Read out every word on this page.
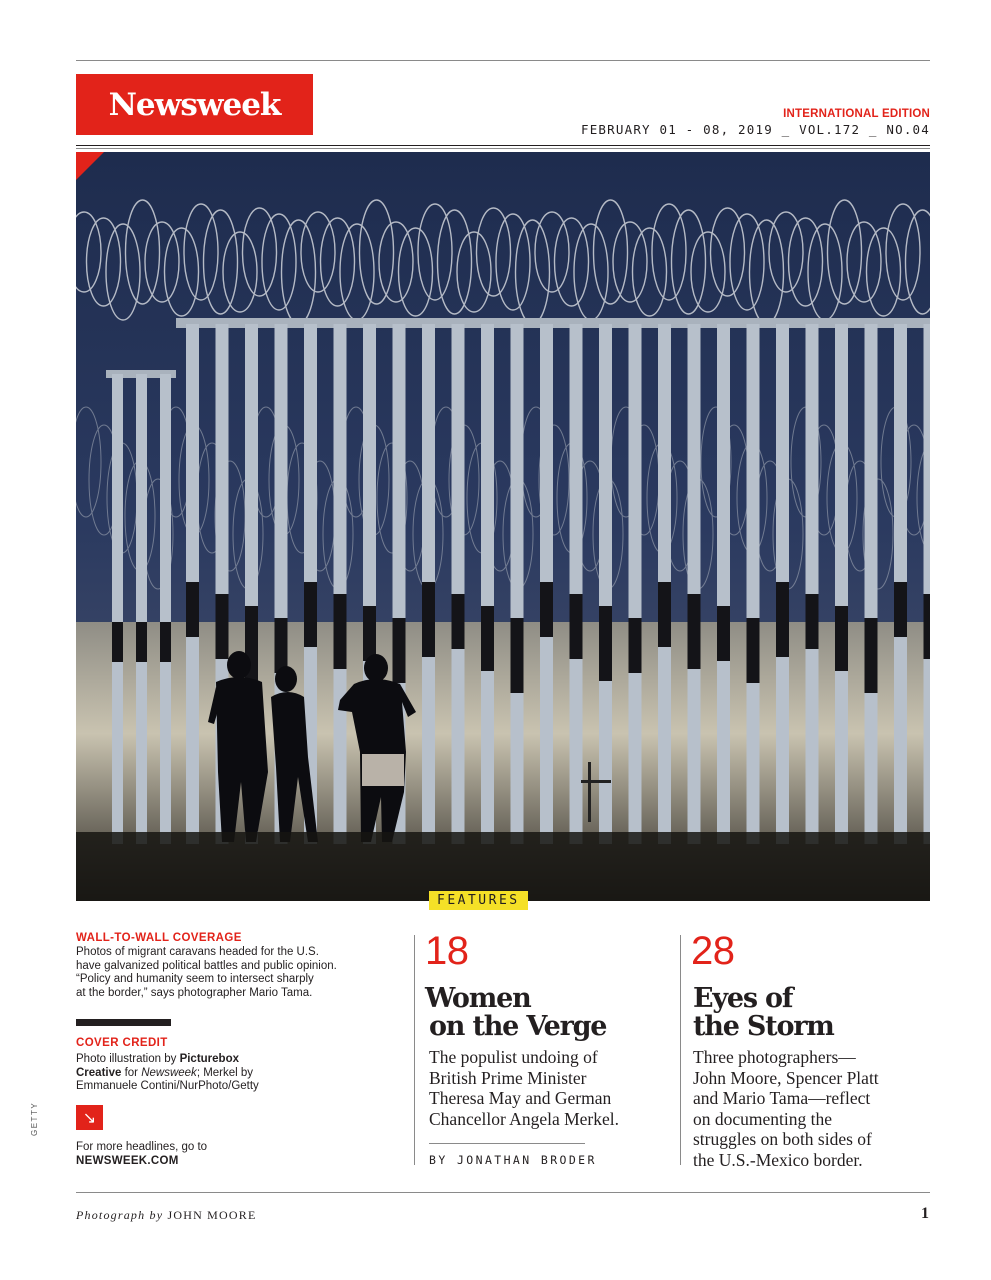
Newsweek	INTERNATIONAL EDITION
FEBRUARY 01 - 08, 2019 _ VOL.172 _ NO.04
FEATURES
WALL-TO-WALL COVERAGE
Photos of migrant caravans headed for the U.S.
have galvanized political battles and public opinion.
“Policy and humanity seem to intersect sharply
at the border,” says photographer Mario Tama.
COVER CREDIT
Photo illustration by Picturebox
Creative for Newsweek; Merkel by
Emmanuele Contini/NurPhoto/Getty
↘
For more headlines, go to
NEWSWEEK.COM
GETTY
18
Women
on the Verge
The populist undoing of
British Prime Minister
Theresa May and German
Chancellor Angela Merkel.
BY JONATHAN BRODER
28
Eyes of
the Storm
Three photographers—
John Moore, Spencer Platt
and Mario Tama—reflect
on documenting the
struggles on both sides of
the U.S.-Mexico border.
Photograph by JOHN MOORE	1
